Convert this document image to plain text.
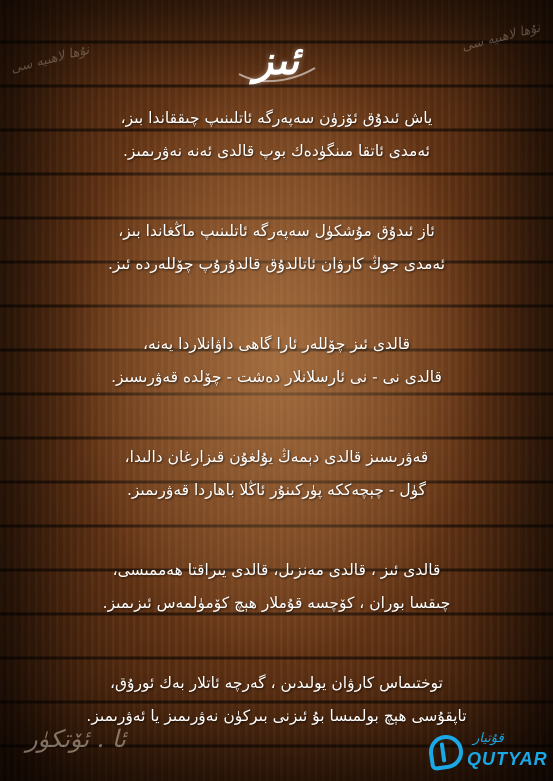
نۇھا لاھىيە سى
نۇھا لاھىيە سى
ئىز
ياش ئىدۇق ئۆزۈن سەپەرگە ئاتلىنىپ چىققاندا بىز،
ئەمدى ئاتقا مىنگۈدەك بوپ قالدى ئەنە نەۋرىمىز.
ئاز ئىدۇق مۇشكۈل سەپەرگە ئاتلىنىپ ماڭغاندا بىز،
ئەمدى جوڭ كارۋان ئاتالدۇق قالدۇرۇپ چۆللەردە ئىز.
قالدى ئىز چۆللەر ئارا گاھى داۋانلاردا يەنە،
قالدى نى - نى ئارسلانلار دەشت - چۆلدە قەۋرىسىز.
قەۋرىسىز قالدى دېمەڭ يۇلغۇن قىزارغان دالىدا،
گۈل - چېچەككە پۈركىنۇر ئاڭلا باھاردا قەۋرىمىز.
قالدى ئىز ، قالدى مەنزىل، قالدى يىراقتا ھەممىسى،
چىقسا بوران ، كۆچسە قۇملار ھېچ كۆمۈلمەس ئىزىمىز.
توختىماس كارۋان يولىدىن ، گەرچە ئاتلار بەك ئورۇق،
تاپقۇسى ھېچ بولمىسا بۇ ئىزنى بىركۈن نەۋرىمىز يا ئەۋرىمىز.
ئا . ئۆتكۈر	قۇتيار
QUTYAR
